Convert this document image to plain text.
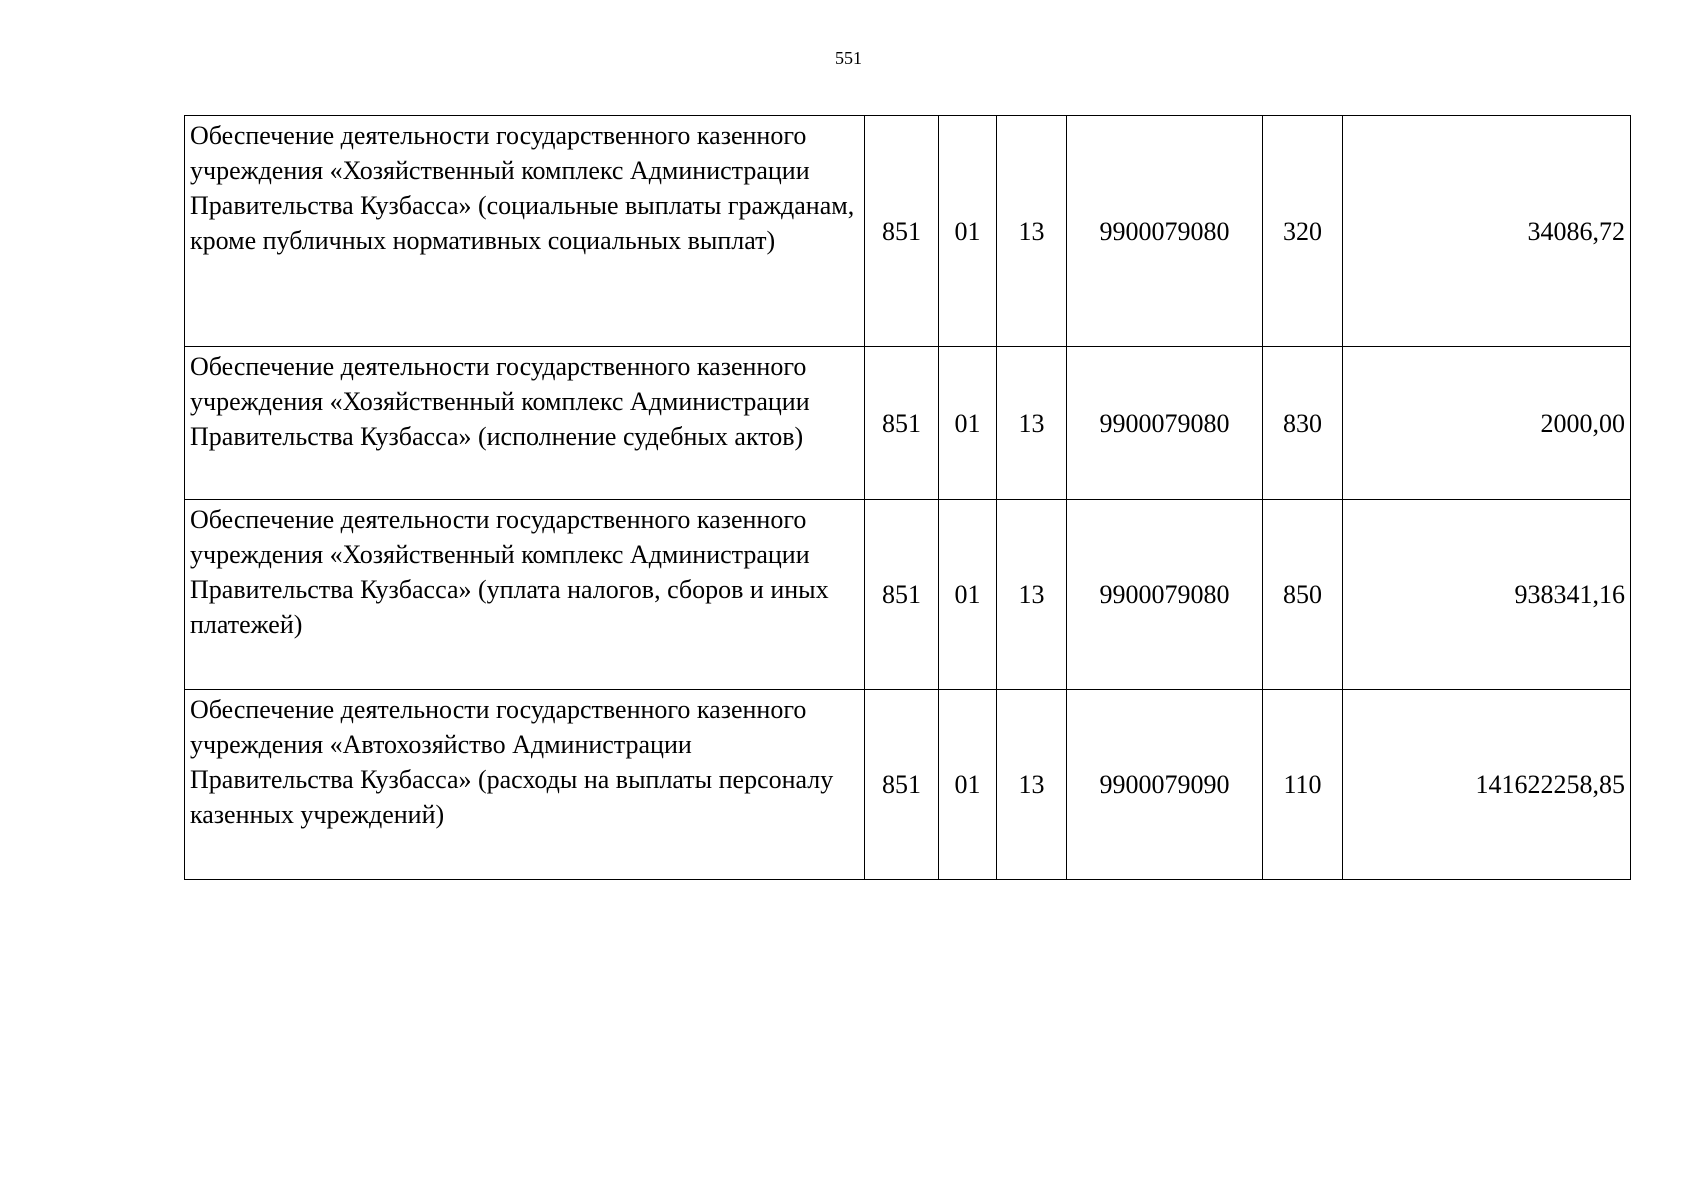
551
Обеспечение деятельности государственного казенного учреждения «Хозяйственный комплекс Администрации Правительства Кузбасса» (социальные выплаты гражданам, кроме публичных нормативных социальных выплат)	851	01	13	9900079080	320	34086,72
Обеспечение деятельности государственного казенного учреждения «Хозяйственный комплекс Администрации Правительства Кузбасса» (исполнение судебных актов)	851	01	13	9900079080	830	2000,00
Обеспечение деятельности государственного казенного учреждения «Хозяйственный комплекс Администрации Правительства Кузбасса» (уплата налогов, сборов и иных платежей)	851	01	13	9900079080	850	938341,16
Обеспечение деятельности государственного казенного учреждения «Автохозяйство Администрации Правительства Кузбасса» (расходы на выплаты персоналу казенных учреждений)	851	01	13	9900079090	110	141622258,85
